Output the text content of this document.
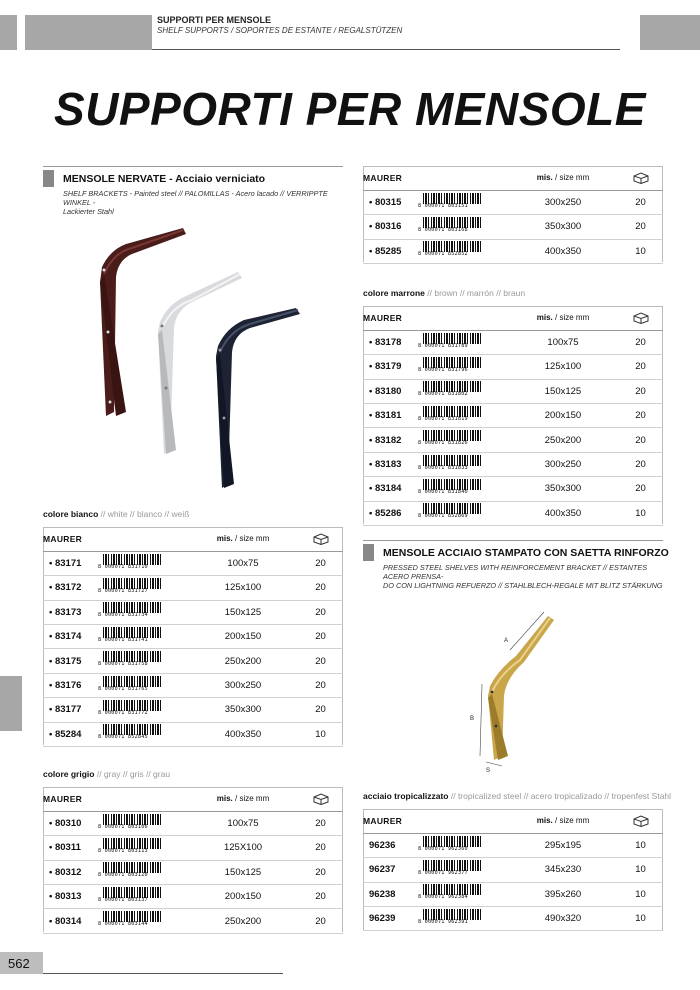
SUPPORTI PER MENSOLE
SHELF SUPPORTS / SOPORTES DE ESTANTE / REGALSTÜTZEN
SUPPORTI PER MENSOLE
MENSOLE NERVATE - Acciaio verniciato
SHELF BRACKETS - Painted steel // PALOMILLAS - Acero lacado // VERRIPPTE WINKEL -
Lackierter Stahl
colore bianco // white // blanco // weiß
MAURER		mis. / size mm	
• 83171	8 000071 831710	100x75	20
• 83172	8 000071 831727	125x100	20
• 83173	8 000071 831734	150x125	20
• 83174	8 000071 831741	200x150	20
• 83175	8 000071 831758	250x200	20
• 83176	8 000071 831765	300x250	20
• 83177	8 000071 831772	350x300	20
• 85284	8 000071 852845	400x350	10
colore grigio // gray // gris // grau
MAURER		mis. / size mm	
• 80310	8 000071 803106	100x75	20
• 80311	8 000071 803113	125X100	20
• 80312	8 000071 803120	150x125	20
• 80313	8 000071 803137	200x150	20
• 80314	8 000071 803144	250x200	20
MAURER		mis. / size mm	
• 80315	8 000071 803151	300x250	20
• 80316	8 000071 803168	350x300	20
• 85285	8 000071 852852	400x350	10
colore marrone // brown // marrón // braun
MAURER		mis. / size mm	
• 83178	8 000071 831789	100x75	20
• 83179	8 000071 831796	125x100	20
• 83180	8 000071 831802	150x125	20
• 83181	8 000071 831819	200x150	20
• 83182	8 000071 831826	250x200	20
• 83183	8 000071 831833	300x250	20
• 83184	8 000071 831840	350x300	20
• 85286	8 000071 852869	400x350	10
MENSOLE ACCIAIO STAMPATO CON SAETTA RINFORZO
PRESSED STEEL SHELVES WITH REINFORCEMENT BRACKET // ESTANTES ACERO PRENSA-
DO CON LIGHTNING REFUERZO // STAHLBLECH-REGALE MIT BLITZ STÄRKUNG
A
B
S
acciaio tropicalizzato // tropicalized steel // acero tropicalizado // tropenfest Stahl
MAURER		mis. / size mm	
96236	8 000071 962360	295x195	10
96237	8 000071 962377	345x230	10
96238	8 000071 962384	395x260	10
96239	8 000071 962391	490x320	10
562
